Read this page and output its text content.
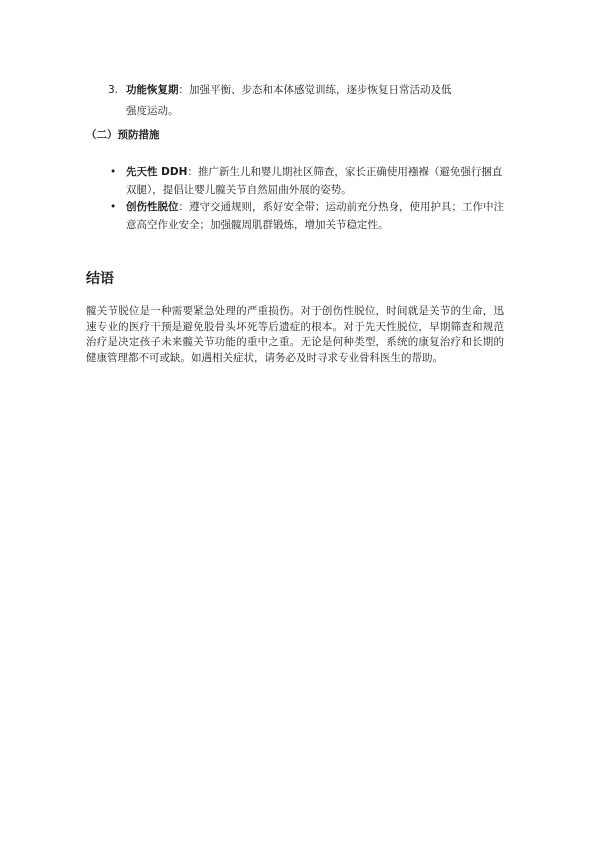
3. 功能恢复期：加强平衡、步态和本体感觉训练，逐步恢复日常活动及低
强度运动。
（二）预防措施
• 先天性 DDH：推广新生儿和婴儿期社区筛查，家长正确使用襁褓（避免强行捆直双腿），提倡让婴儿髋关节自然屈曲外展的姿势。
• 创伤性脱位：遵守交通规则，系好安全带；运动前充分热身，使用护具；工作中注意高空作业安全；加强髋周肌群锻炼，增加关节稳定性。
结语
髋关节脱位是一种需要紧急处理的严重损伤。对于创伤性脱位，时间就是关节的生命，迅速专业的医疗干预是避免股骨头坏死等后遗症的根本。对于先天性脱位，早期筛查和规范治疗是决定孩子未来髋关节功能的重中之重。无论是何种类型，系统的康复治疗和长期的健康管理都不可或缺。如遇相关症状，请务必及时寻求专业骨科医生的帮助。
